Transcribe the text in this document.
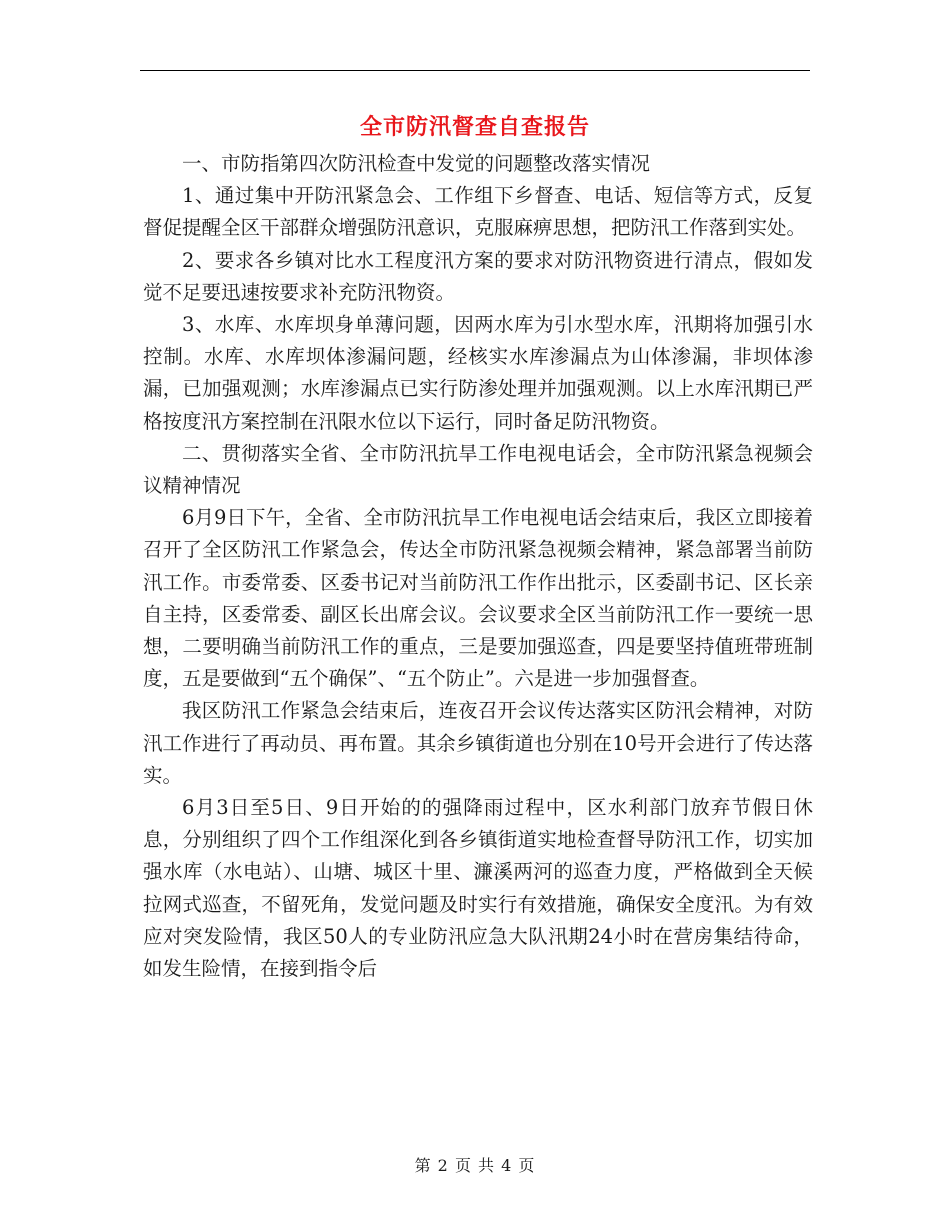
全市防汛督查自查报告

一、市防指第四次防汛检查中发觉的问题整改落实情况

1、通过集中开防汛紧急会、工作组下乡督查、电话、短信等方式，反复督促提醒全区干部群众增强防汛意识，克服麻痹思想，把防汛工作落到实处。

2、要求各乡镇对比水工程度汛方案的要求对防汛物资进行清点，假如发觉不足要迅速按要求补充防汛物资。

3、水库、水库坝身单薄问题，因两水库为引水型水库，汛期将加强引水控制。水库、水库坝体渗漏问题，经核实水库渗漏点为山体渗漏，非坝体渗漏，已加强观测；水库渗漏点已实行防渗处理并加强观测。以上水库汛期已严格按度汛方案控制在汛限水位以下运行，同时备足防汛物资。

二、贯彻落实全省、全市防汛抗旱工作电视电话会，全市防汛紧急视频会议精神情况

6月9日下午，全省、全市防汛抗旱工作电视电话会结束后，我区立即接着召开了全区防汛工作紧急会，传达全市防汛紧急视频会精神，紧急部署当前防汛工作。市委常委、区委书记对当前防汛工作作出批示，区委副书记、区长亲自主持，区委常委、副区长出席会议。会议要求全区当前防汛工作一要统一思想，二要明确当前防汛工作的重点，三是要加强巡查，四是要坚持值班带班制度，五是要做到“五个确保”、“五个防止”。六是进一步加强督查。

我区防汛工作紧急会结束后，连夜召开会议传达落实区防汛会精神，对防汛工作进行了再动员、再布置。其余乡镇街道也分别在10号开会进行了传达落实。

6月3日至5日、9日开始的的强降雨过程中，区水利部门放弃节假日休息，分别组织了四个工作组深化到各乡镇街道实地检查督导防汛工作，切实加强水库（水电站）、山塘、城区十里、濂溪两河的巡查力度，严格做到全天候拉网式巡查，不留死角，发觉问题及时实行有效措施，确保安全度汛。为有效应对突发险情，我区50人的专业防汛应急大队汛期24小时在营房集结待命，如发生险情，在接到指令后

第 2 页 共 4 页
